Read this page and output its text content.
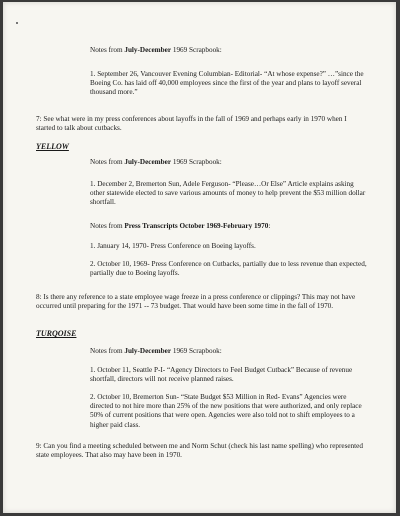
Notes from July-December 1969 Scrapbook:

1. September 26, Vancouver Evening Columbian- Editorial- “At whose expense?” …”since the Boeing Co. has laid off 40,000 employees since the first of the year and plans to layoff several thousand more.”

7: See what were in my press conferences about layoffs in the fall of 1969 and perhaps early in 1970 when I started to talk about cutbacks.

YELLOW

Notes from July-December 1969 Scrapbook:

1. December 2, Bremerton Sun, Adele Ferguson- “Please…Or Else” Article explains asking other statewide elected to save various amounts of money to help prevent the $53 million dollar shortfall.

Notes from Press Transcripts October 1969-February 1970:

1. January 14, 1970- Press Conference on Boeing layoffs.

2. October 10, 1969- Press Conference on Cutbacks, partially due to less revenue than expected, partially due to Boeing layoffs.

8: Is there any reference to a state employee wage freeze in a press conference or clippings? This may not have occurred until preparing for the 1971 -- 73 budget. That would have been some time in the fall of 1970.

TURQOISE

Notes from July-December 1969 Scrapbook:

1. October 11, Seattle P-I- “Agency Directors to Feel Budget Cutback” Because of revenue shortfall, directors will not receive planned raises.

2. October 10, Bremerton Sun- “State Budget $53 Million in Red- Evans” Agencies were directed to not hire more than 25% of the new positions that were authorized, and only replace 50% of current positions that were open. Agencies were also told not to shift employees to a higher paid class.

9: Can you find a meeting scheduled between me and Norm Schut (check his last name spelling) who represented state employees. That also may have been in 1970.
